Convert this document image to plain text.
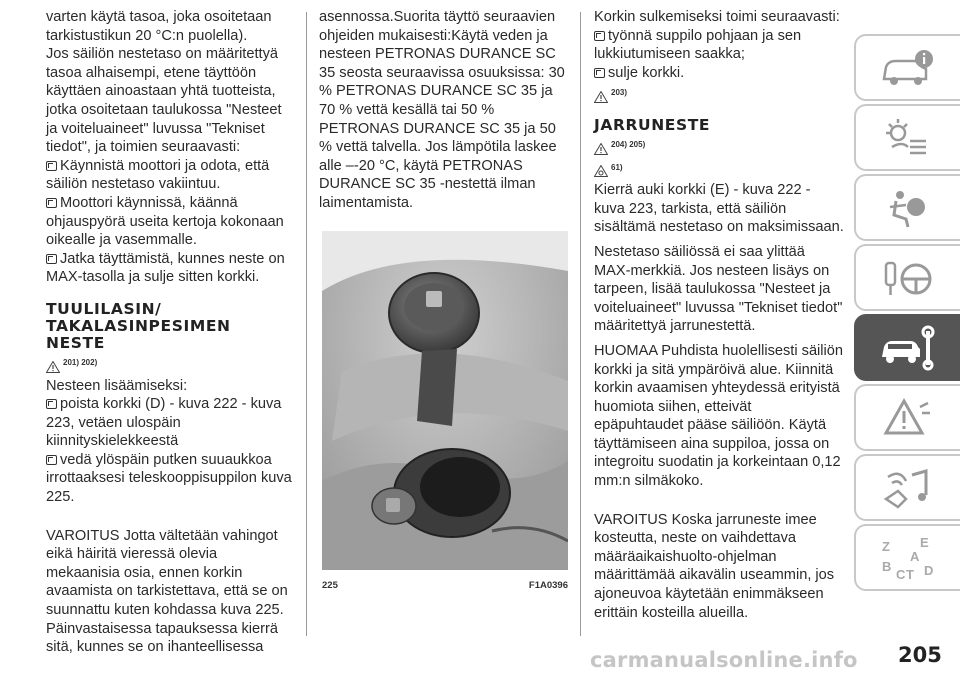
varten käytä tasoa, joka osoitetaan tarkistustikun 20 °C:n puolella).

Jos säiliön nestetaso on määritettyä tasoa alhaisempi, etene täyttöön käyttäen ainoastaan yhtä tuotteista, jotka osoitetaan taulukossa "Nesteet ja voiteluaineet" luvussa "Tekniset tiedot", ja toimien seuraavasti:

Käynnistä moottori ja odota, että säiliön nestetaso vakiintuu.

Moottori käynnissä, käännä ohjauspyörä useita kertoja kokonaan oikealle ja vasemmalle.

Jatka täyttämistä, kunnes neste on MAX-tasolla ja sulje sitten korkki.

TUULILASIN/ TAKALASINPESIMEN NESTE
201) 202)

Nesteen lisäämiseksi:

poista korkki (D) - kuva 222 - kuva 223, vetäen ulospäin kiinnityskielekkeestä

vedä ylöspäin putken suuaukkoa irrottaaksesi teleskooppisuppilon kuva 225.

VAROITUS Jotta vältetään vahingot eikä häiritä vieressä olevia mekaanisia osia, ennen korkin avaamista on tarkistettava, että se on suunnattu kuten kohdassa kuva 225. Päinvastaisessa tapauksessa kierrä sitä, kunnes se on ihanteellisessa

asennossa.Suorita täyttö seuraavien ohjeiden mukaisesti:Käytä veden ja nesteen PETRONAS DURANCE SC 35 seosta seuraavissa osuuksissa: 30 % PETRONAS DURANCE SC 35 ja 70 % vettä kesällä tai 50 % PETRONAS DURANCE SC 35 ja 50 % vettä talvella. Jos lämpötila laskee alle –-20 °C, käytä PETRONAS DURANCE SC 35 -nestettä ilman laimentamista.

225	F1A0396

Korkin sulkemiseksi toimi seuraavasti:

työnnä suppilo pohjaan ja sen lukkiutumiseen saakka;

sulje korkki.

203)
JARRUNESTE
204) 205)
61)

Kierrä auki korkki (E) - kuva 222 - kuva 223, tarkista, että säiliön sisältämä nestetaso on maksimissaan.

Nestetaso säiliössä ei saa ylittää MAX-merkkiä. Jos nesteen lisäys on tarpeen, lisää taulukossa "Nesteet ja voiteluaineet" luvussa "Tekniset tiedot" määritettyä jarrunestettä.

HUOMAA Puhdista huolellisesti säiliön korkki ja sitä ympäröivä alue. Kiinnitä korkin avaamisen yhteydessä erityistä huomiota siihen, etteivät epäpuhtaudet pääse säiliöön. Käytä täyttämiseen aina suppiloa, jossa on integroitu suodatin ja korkeintaan 0,12 mm:n silmäkoko.

VAROITUS Koska jarruneste imee kosteutta, neste on vaihdettava määräaikaishuolto-ohjelman määrittämää aikavälin useammin, jos ajoneuvoa käytetään enimmäkseen erittäin kosteilla alueilla.

Z E
A
B
C T D
carmanualsonline.info 205
